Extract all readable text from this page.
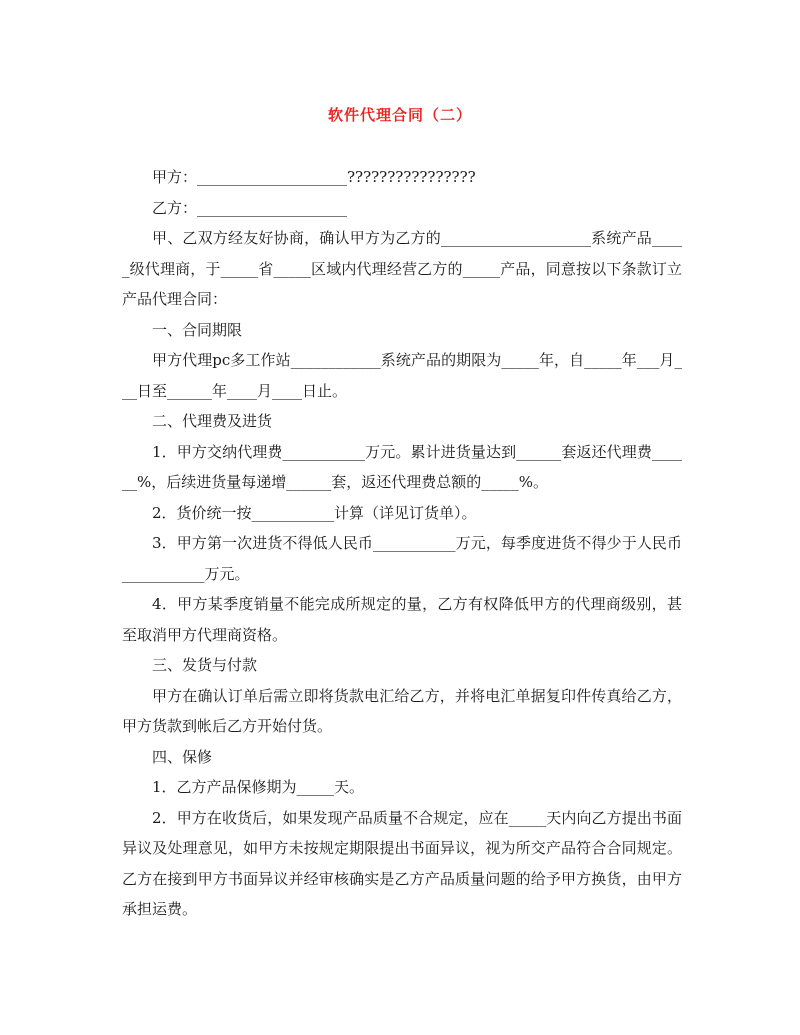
软件代理合同（二）

甲方：____________________????????????????

乙方：____________________

甲、乙双方经友好协商，确认甲方为乙方的____________________系统产品_____级代理商，于_____省_____区域内代理经营乙方的_____产品，同意按以下条款订立产品代理合同：

一、合同期限

甲方代理pc多工作站____________系统产品的期限为_____年，自_____年___月___日至______年____月____日止。

二、代理费及进货

1．甲方交纳代理费___________万元。累计进货量达到______套返还代理费______%，后续进货量每递增______套，返还代理费总额的_____%。

2．货价统一按___________计算（详见订货单）。

3．甲方第一次进货不得低人民币___________万元，每季度进货不得少于人民币___________万元。

4．甲方某季度销量不能完成所规定的量，乙方有权降低甲方的代理商级别，甚至取消甲方代理商资格。

三、发货与付款

甲方在确认订单后需立即将货款电汇给乙方，并将电汇单据复印件传真给乙方，甲方货款到帐后乙方开始付货。

四、保修

1．乙方产品保修期为_____天。

2．甲方在收货后，如果发现产品质量不合规定，应在_____天内向乙方提出书面异议及处理意见，如甲方未按规定期限提出书面异议，视为所交产品符合合同规定。乙方在接到甲方书面异议并经审核确实是乙方产品质量问题的给予甲方换货，由甲方承担运费。
